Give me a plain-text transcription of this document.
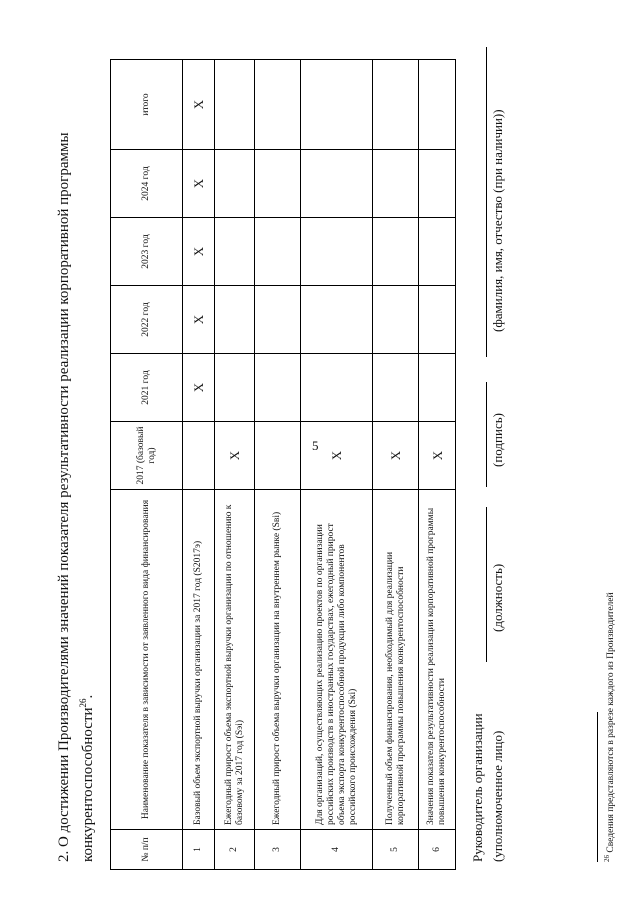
5
2. О достижении Производителями значений показателя результативности реализации корпоративной программы конкурентоспособности$^{26}$.
№ п/п	Наименование показателя в зависимости от заявленного вида финансирования	2017 (базовый год)	2021 год	2022 год	2023 год	2024 год	итого
1	Базовый объем экспортной выручки организации за 2017 год (S2017э)		X	X	X	X	X
2	Ежегодный прирост объема экспортной выручки организации по отношению к базовому за 2017 год (Sэi)	X					
3	Ежегодный прирост объема выручки организации на внутреннем рынке (Sвi)						
4	Для организаций, осуществляющих реализацию проектов по организации российских производств в иностранных государствах, ежегодный прирост объема экспорта конкурентоспособной продукции либо компонентов российского происхождения (Sкi)	X					
5	Полученный объем финансирования, необходимый для реализации корпоративной программы повышения конкурентоспособности	X					
6	Значения показателя результативности реализации корпоративной программы повышения конкурентоспособности	X					
Руководитель организации (уполномоченное лицо)
(должность)
(подпись)
(фамилия, имя, отчество (при наличии))
$^{26}$ Сведения представляются в разрезе каждого из Производителей
